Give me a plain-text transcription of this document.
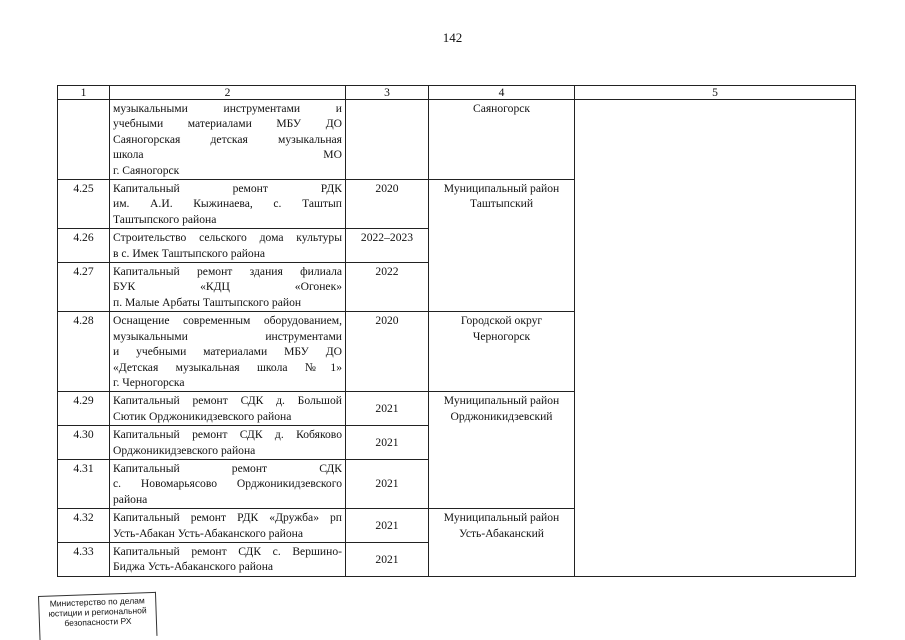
142
1	2	3	4	5
	музыкальными инструментами и
учебными материалами МБУ ДО
Саяногорская детская музыкальная
школа МО

г. Саяногорск		Саяногорск	
4.25	Капитальный ремонт РДК
им. А.И. Кыжинаева, с. Таштып

Таштыпского района	2020	Муниципальный район Таштыпский	
4.26	Строительство сельского дома культуры

в с. Имек Таштыпского района	2022–2023		
4.27	Капитальный ремонт здания филиала
БУК «КДЦ «Огонек»

п. Малые Арбаты Таштыпского район	2022		
4.28	Оснащение современным оборудованием,
музыкальными инструментами
и учебными материалами МБУ ДО
«Детская музыкальная школа №1»

г. Черногорска	2020	Городской округ Черногорск	
4.29	Капитальный ремонт СДК д. Большой

Сютик Орджоникидзевского района	2021	Муниципальный район Орджоникидзевский	
4.30	Капитальный ремонт СДК д. Кобяково

Орджоникидзевского района	2021		
4.31	Капитальный ремонт СДК
с. Новомарьясово Орджоникидзевского

района	2021		
4.32	Капитальный ремонт РДК «Дружба» рп

Усть-Абакан Усть-Абаканского района	2021	Муниципальный район Усть-Абаканский	
4.33	Капитальный ремонт СДК с. Вершино-

Биджа Усть-Абаканского района	2021		
Министерство по делам
юстиции и региональной
безопасности РХ
